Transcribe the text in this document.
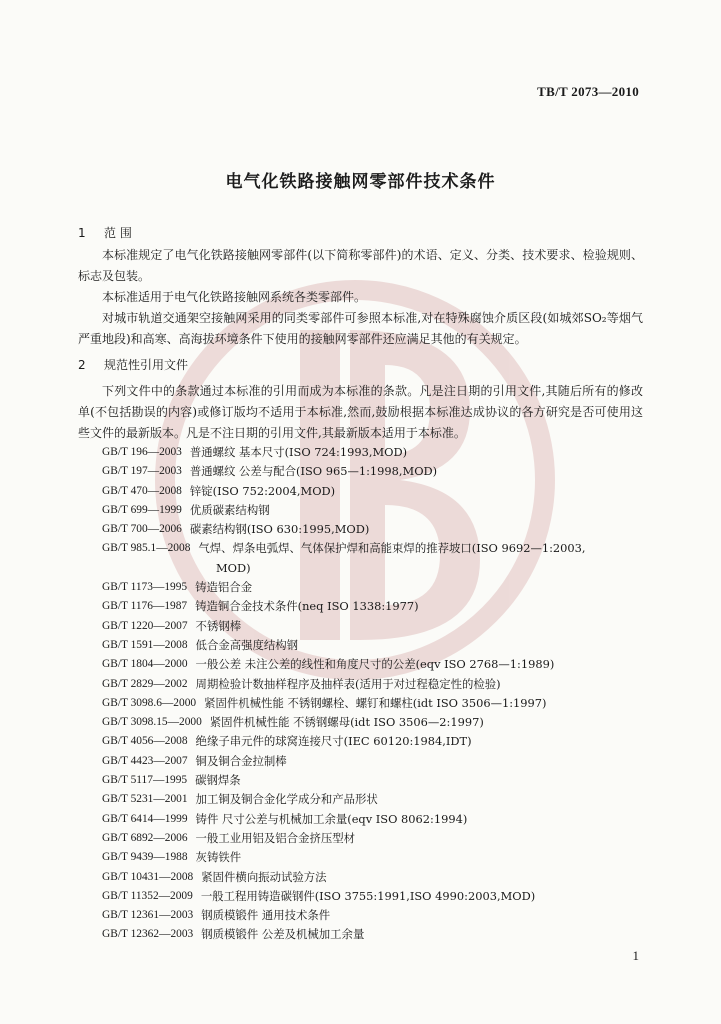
TB/T 2073—2010
电气化铁路接触网零部件技术条件
1 范 围
本标准规定了电气化铁路接触网零部件(以下简称零部件)的术语、定义、分类、技术要求、检验规则、标志及包装。
本标准适用于电气化铁路接触网系统各类零部件。
对城市轨道交通架空接触网采用的同类零部件可参照本标准,对在特殊腐蚀介质区段(如城郊SO₂等烟气严重地段)和高寒、高海拔环境条件下使用的接触网零部件还应满足其他的有关规定。
2 规范性引用文件
下列文件中的条款通过本标准的引用而成为本标准的条款。凡是注日期的引用文件,其随后所有的修改单(不包括勘误的内容)或修订版均不适用于本标准,然而,鼓励根据本标准达成协议的各方研究是否可使用这些文件的最新版本。凡是不注日期的引用文件,其最新版本适用于本标准。
GB/T 196—2003 普通螺纹 基本尺寸(ISO 724:1993,MOD)
GB/T 197—2003 普通螺纹 公差与配合(ISO 965—1:1998,MOD)
GB/T 470—2008 锌锭(ISO 752:2004,MOD)
GB/T 699—1999 优质碳素结构钢
GB/T 700—2006 碳素结构钢(ISO 630:1995,MOD)
GB/T 985.1—2008 气焊、焊条电弧焊、气体保护焊和高能束焊的推荐坡口(ISO 9692—1:2003,
MOD)
GB/T 1173—1995 铸造铝合金
GB/T 1176—1987 铸造铜合金技术条件(neq ISO 1338:1977)
GB/T 1220—2007 不锈钢棒
GB/T 1591—2008 低合金高强度结构钢
GB/T 1804—2000 一般公差 未注公差的线性和角度尺寸的公差(eqv ISO 2768—1:1989)
GB/T 2829—2002 周期检验计数抽样程序及抽样表(适用于对过程稳定性的检验)
GB/T 3098.6—2000 紧固件机械性能 不锈钢螺栓、螺钉和螺柱(idt ISO 3506—1:1997)
GB/T 3098.15—2000 紧固件机械性能 不锈钢螺母(idt ISO 3506—2:1997)
GB/T 4056—2008 绝缘子串元件的球窝连接尺寸(IEC 60120:1984,IDT)
GB/T 4423—2007 铜及铜合金拉制棒
GB/T 5117—1995 碳钢焊条
GB/T 5231—2001 加工铜及铜合金化学成分和产品形状
GB/T 6414—1999 铸件 尺寸公差与机械加工余量(eqv ISO 8062:1994)
GB/T 6892—2006 一般工业用铝及铝合金挤压型材
GB/T 9439—1988 灰铸铁件
GB/T 10431—2008 紧固件横向振动试验方法
GB/T 11352—2009 一般工程用铸造碳钢件(ISO 3755:1991,ISO 4990:2003,MOD)
GB/T 12361—2003 钢质模锻件 通用技术条件
GB/T 12362—2003 钢质模锻件 公差及机械加工余量
1
